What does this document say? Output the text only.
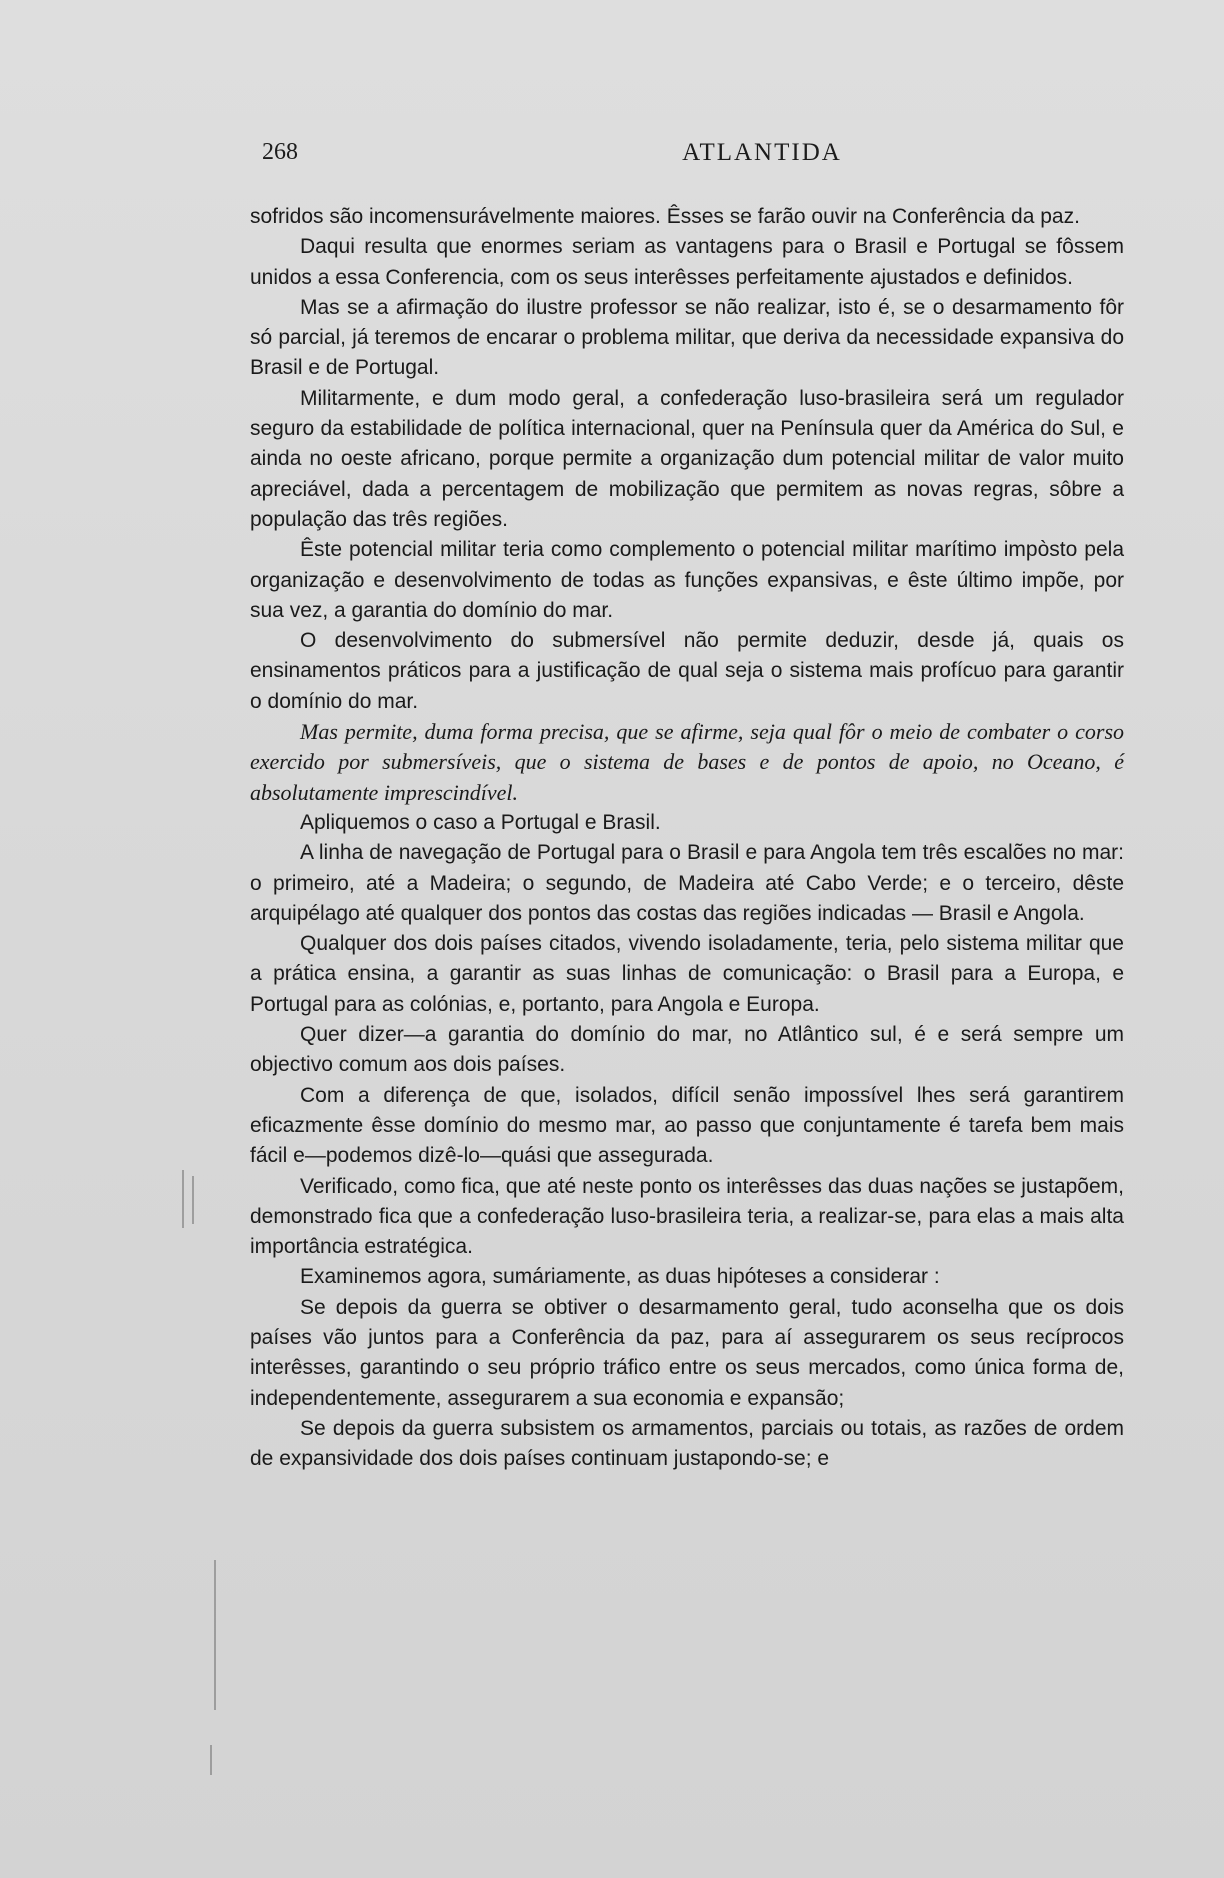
268	ATLANTIDA

sofridos são incomensurávelmente maiores. Êsses se farão ouvir na Conferência da paz.

Daqui resulta que enormes seriam as vantagens para o Brasil e Portugal se fôssem unidos a essa Conferencia, com os seus interêsses perfeitamente ajustados e definidos.

Mas se a afirmação do ilustre professor se não realizar, isto é, se o desarmamento fôr só parcial, já teremos de encarar o problema militar, que deriva da necessidade expansiva do Brasil e de Portugal.

Militarmente, e dum modo geral, a confederação luso-brasileira será um regulador seguro da estabilidade de política internacional, quer na Península quer da América do Sul, e ainda no oeste africano, porque permite a organização dum potencial militar de valor muito apreciável, dada a percentagem de mobilização que permitem as novas regras, sôbre a população das três regiões.

Êste potencial militar teria como complemento o potencial militar marítimo impòsto pela organização e desenvolvimento de todas as funções expansivas, e êste último impõe, por sua vez, a garantia do domínio do mar.

O desenvolvimento do submersível não permite deduzir, desde já, quais os ensinamentos práticos para a justificação de qual seja o sistema mais profícuo para garantir o domínio do mar.

Mas permite, duma forma precisa, que se afirme, seja qual fôr o meio de combater o corso exercido por submersíveis, que o sistema de bases e de pontos de apoio, no Oceano, é absolutamente imprescindível.

Apliquemos o caso a Portugal e Brasil.

A linha de navegação de Portugal para o Brasil e para Angola tem três escalões no mar: o primeiro, até a Madeira; o segundo, de Madeira até Cabo Verde; e o terceiro, dêste arquipélago até qualquer dos pontos das costas das regiões indicadas — Brasil e Angola.

Qualquer dos dois países citados, vivendo isoladamente, teria, pelo sistema militar que a prática ensina, a garantir as suas linhas de comunicação: o Brasil para a Europa, e Portugal para as colónias, e, portanto, para Angola e Europa.

Quer dizer—a garantia do domínio do mar, no Atlântico sul, é e será sempre um objectivo comum aos dois países.

Com a diferença de que, isolados, difícil senão impossível lhes será garantirem eficazmente êsse domínio do mesmo mar, ao passo que conjuntamente é tarefa bem mais fácil e—podemos dizê-lo—quási que assegurada.

Verificado, como fica, que até neste ponto os interêsses das duas nações se justapõem, demonstrado fica que a confederação luso-brasileira teria, a realizar-se, para elas a mais alta importância estratégica.

Examinemos agora, sumáriamente, as duas hipóteses a considerar :

Se depois da guerra se obtiver o desarmamento geral, tudo aconselha que os dois países vão juntos para a Conferência da paz, para aí assegurarem os seus recíprocos interêsses, garantindo o seu próprio tráfico entre os seus mercados, como única forma de, independentemente, assegurarem a sua economia e expansão;

Se depois da guerra subsistem os armamentos, parciais ou totais, as razões de ordem de expansividade dos dois países continuam justapondo-se; e
